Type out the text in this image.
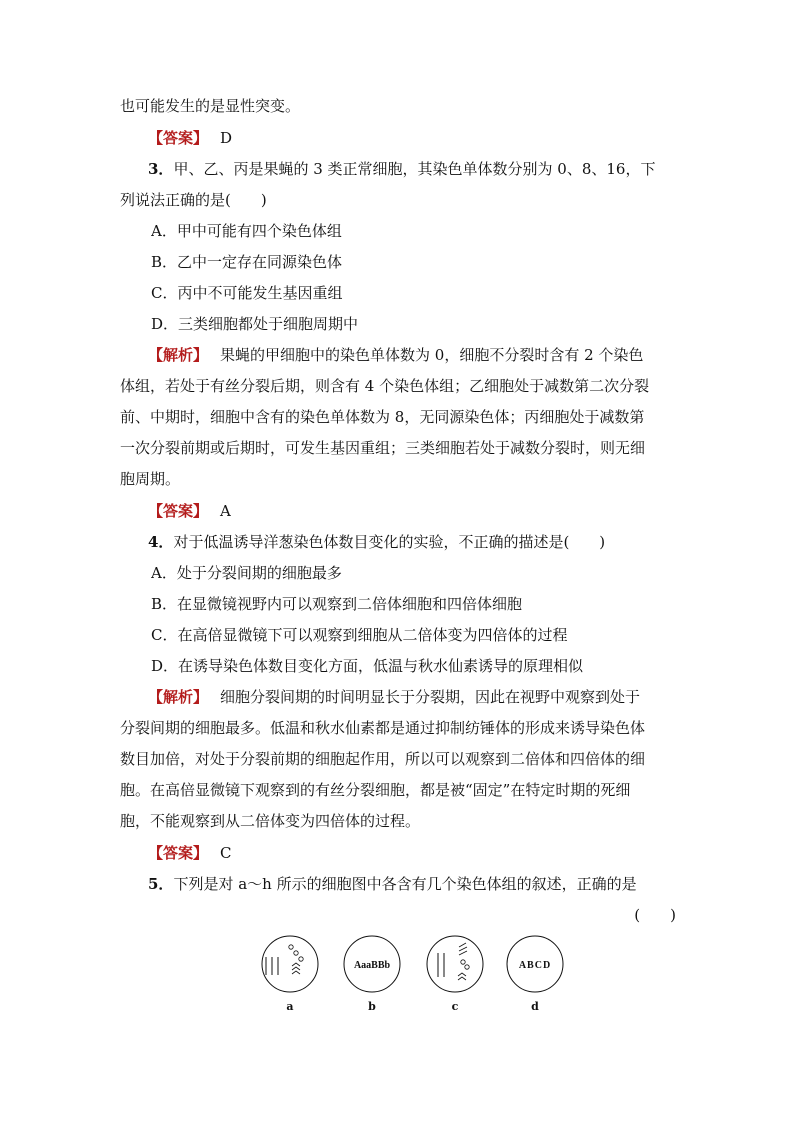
也可能发生的是显性突变。
【答案】 D
3．甲、乙、丙是果蝇的 3 类正常细胞，其染色单体数分别为 0、8、16，下
列说法正确的是(　　)
A．甲中可能有四个染色体组
B．乙中一定存在同源染色体
C．丙中不可能发生基因重组
D．三类细胞都处于细胞周期中
【解析】 果蝇的甲细胞中的染色单体数为 0，细胞不分裂时含有 2 个染色
体组，若处于有丝分裂后期，则含有 4 个染色体组；乙细胞处于减数第二次分裂
前、中期时，细胞中含有的染色单体数为 8，无同源染色体；丙细胞处于减数第
一次分裂前期或后期时，可发生基因重组；三类细胞若处于减数分裂时，则无细
胞周期。
【答案】 A
4．对于低温诱导洋葱染色体数目变化的实验，不正确的描述是(　　)
A．处于分裂间期的细胞最多
B．在显微镜视野内可以观察到二倍体细胞和四倍体细胞
C．在高倍显微镜下可以观察到细胞从二倍体变为四倍体的过程
D．在诱导染色体数目变化方面，低温与秋水仙素诱导的原理相似
【解析】 细胞分裂间期的时间明显长于分裂期，因此在视野中观察到处于
分裂间期的细胞最多。低温和秋水仙素都是通过抑制纺锤体的形成来诱导染色体
数目加倍，对处于分裂前期的细胞起作用，所以可以观察到二倍体和四倍体的细
胞。在高倍显微镜下观察到的有丝分裂细胞，都是被“固定”在特定时期的死细
胞，不能观察到从二倍体变为四倍体的过程。
【答案】 C
5．下列是对 a～h 所示的细胞图中各含有几个染色体组的叙述，正确的是
(　　)
AaaBBb	ABCD
a	b	c	d
